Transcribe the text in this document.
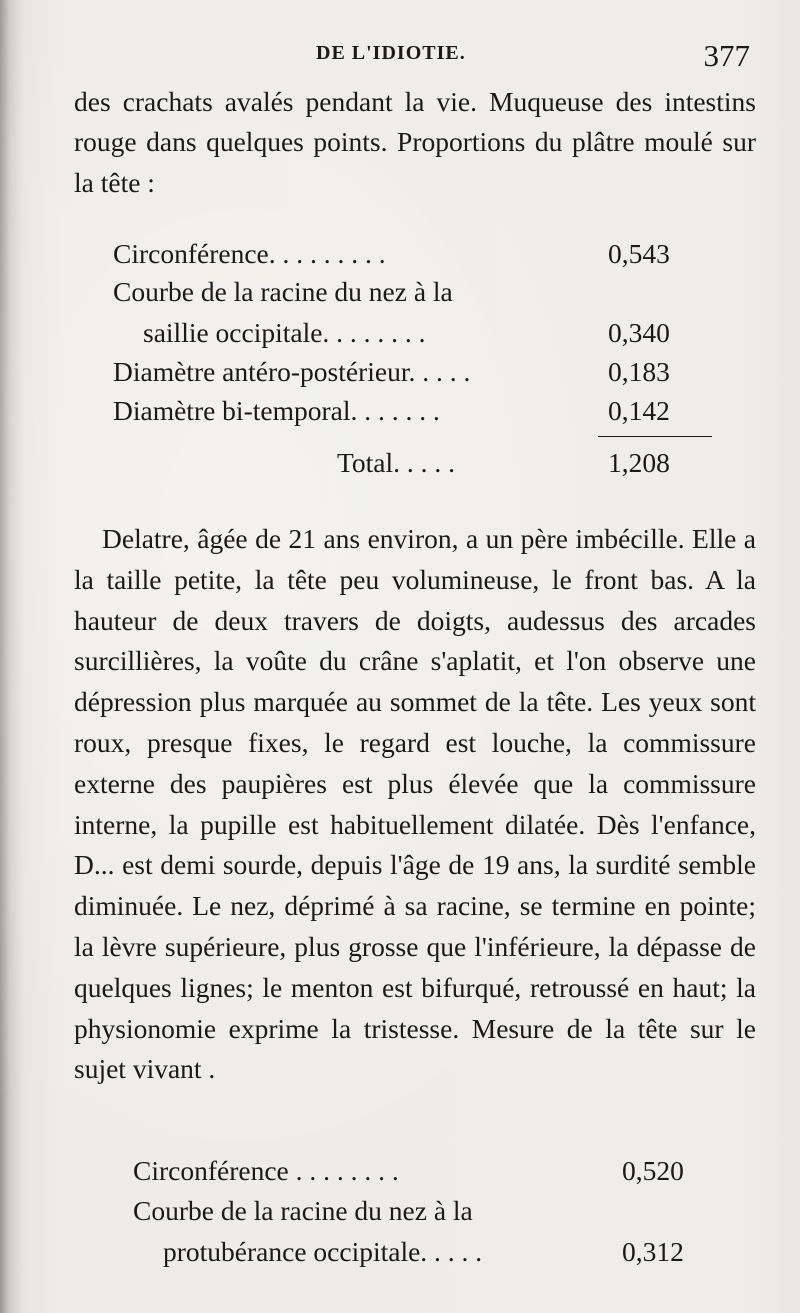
DE L'IDIOTIE.	377
des crachats avalés pendant la vie. Muqueuse des intestins rouge dans quelques points. Proportions du plâtre moulé sur la tête :
Circonférence. . . . . . . . .	0,543
Courbe de la racine du nez à la
saillie occipitale. . . . . . . .	0,340
Diamètre antéro-postérieur. . . . .	0,183
Diamètre bi-temporal. . . . . . .	0,142
Total. . . . .	1,208
Delatre, âgée de 21 ans environ, a un père imbécille. Elle a la taille petite, la tête peu volumineuse, le front bas. A la hauteur de deux travers de doigts, audessus des arcades surcillières, la voûte du crâne s'aplatit, et l'on observe une dépression plus marquée au sommet de la tête. Les yeux sont roux, presque fixes, le regard est louche, la commissure externe des paupières est plus élevée que la commissure interne, la pupille est habituellement dilatée. Dès l'enfance, D... est demi sourde, depuis l'âge de 19 ans, la surdité semble diminuée. Le nez, déprimé à sa racine, se termine en pointe; la lèvre supérieure, plus grosse que l'inférieure, la dépasse de quelques lignes; le menton est bifurqué, retroussé en haut; la physionomie exprime la tristesse. Mesure de la tête sur le sujet vivant .
Circonférence . . . . . . . .	0,520
Courbe de la racine du nez à la
protubérance occipitale. . . . .	0,312
